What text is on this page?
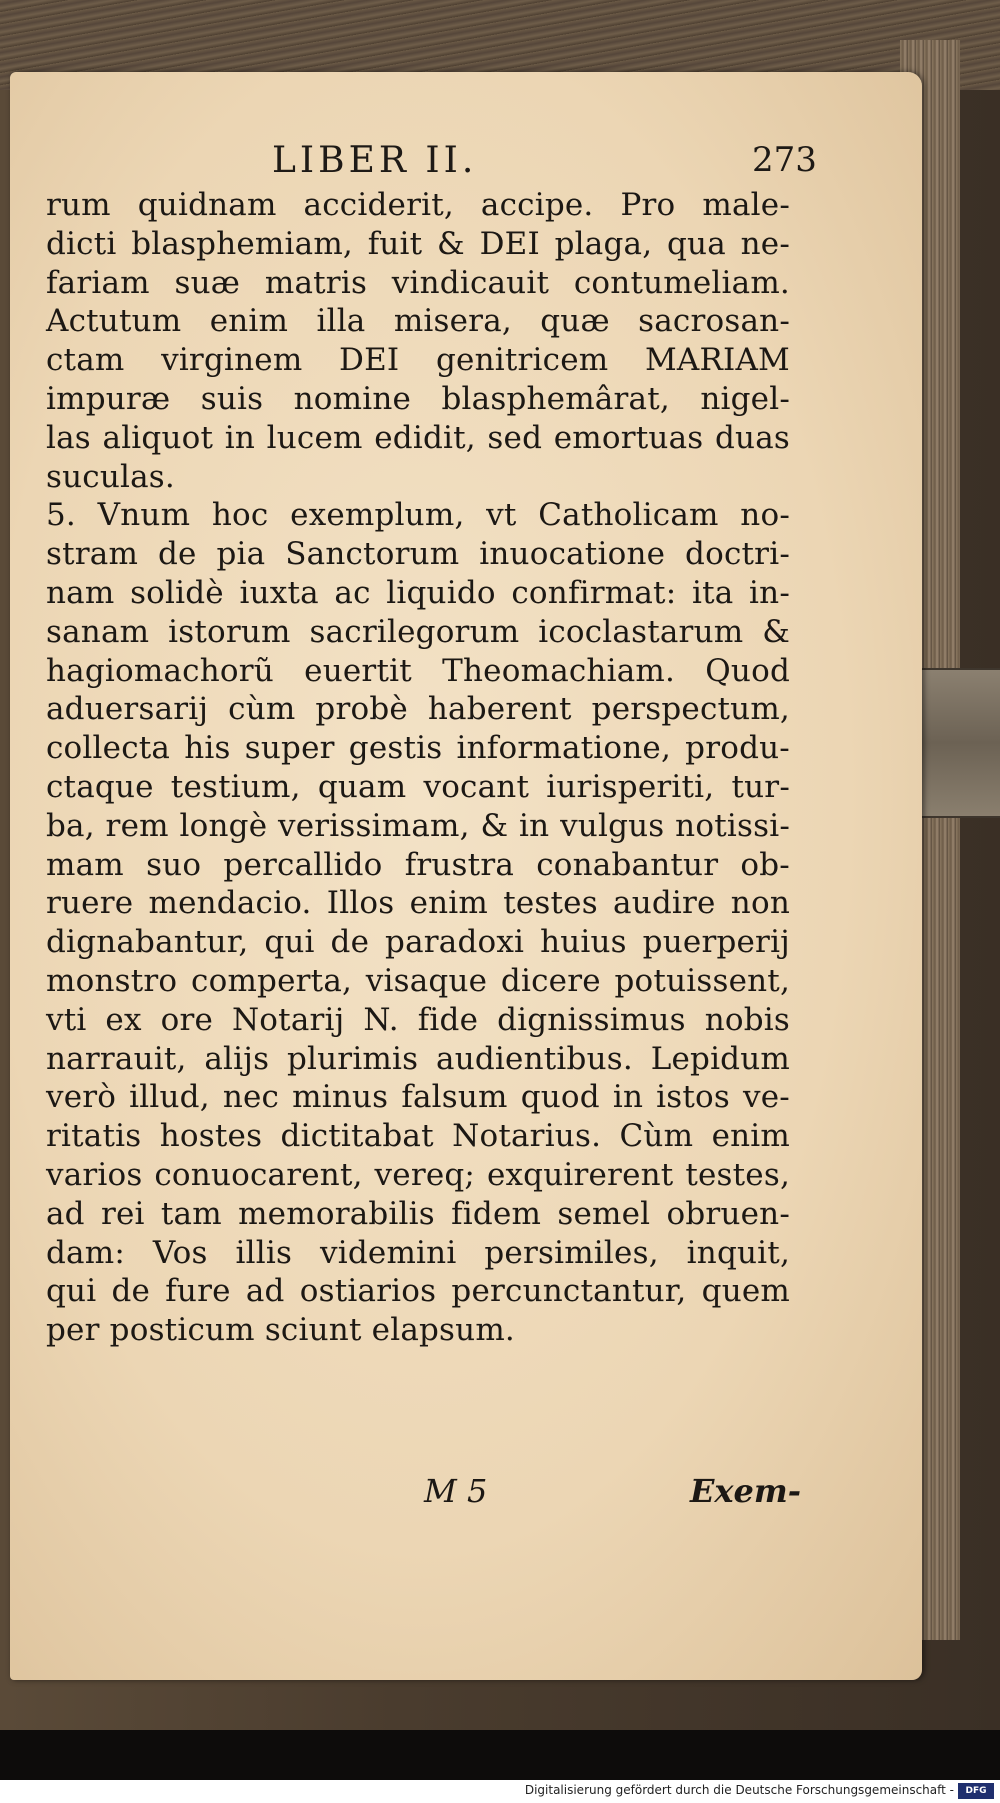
LIBER II.	273
rum quidnam acciderit, accipe. Pro male-
dicti blasphemiam, fuit & DEI plaga, qua ne-
fariam suæ matris vindicauit contumeliam.
Actutum enim illa misera, quæ sacrosan-
ctam virginem DEI genitricem MARIAM
impuræ suis nomine blasphemârat, nigel-
las aliquot in lucem edidit, sed emortuas duas
suculas.
5. Vnum hoc exemplum, vt Catholicam no-
stram de pia Sanctorum inuocatione doctri-
nam solidè iuxta ac liquido confirmat: ita in-
sanam istorum sacrilegorum icoclastarum &
hagiomachorũ euertit Theomachiam. Quod
aduersarij cùm probè haberent perspectum,
collecta his super gestis informatione, produ-
ctaque testium, quam vocant iurisperiti, tur-
ba, rem longè verissimam, & in vulgus notissi-
mam suo percallido frustra conabantur ob-
ruere mendacio. Illos enim testes audire non
dignabantur, qui de paradoxi huius puerperij
monstro comperta, visaque dicere potuissent,
vti ex ore Notarij N. fide dignissimus nobis
narrauit, alijs plurimis audientibus. Lepidum
verò illud, nec minus falsum quod in istos ve-
ritatis hostes dictitabat Notarius. Cùm enim
varios conuocarent, vereq; exquirerent testes,
ad rei tam memorabilis fidem semel obruen-
dam: Vos illis videmini persimiles, inquit,
qui de fure ad ostiarios percunctantur, quem
per posticum sciunt elapsum.
M 5	Exem-
Digitalisierung gefördert durch die Deutsche Forschungsgemeinschaft -	DFG
